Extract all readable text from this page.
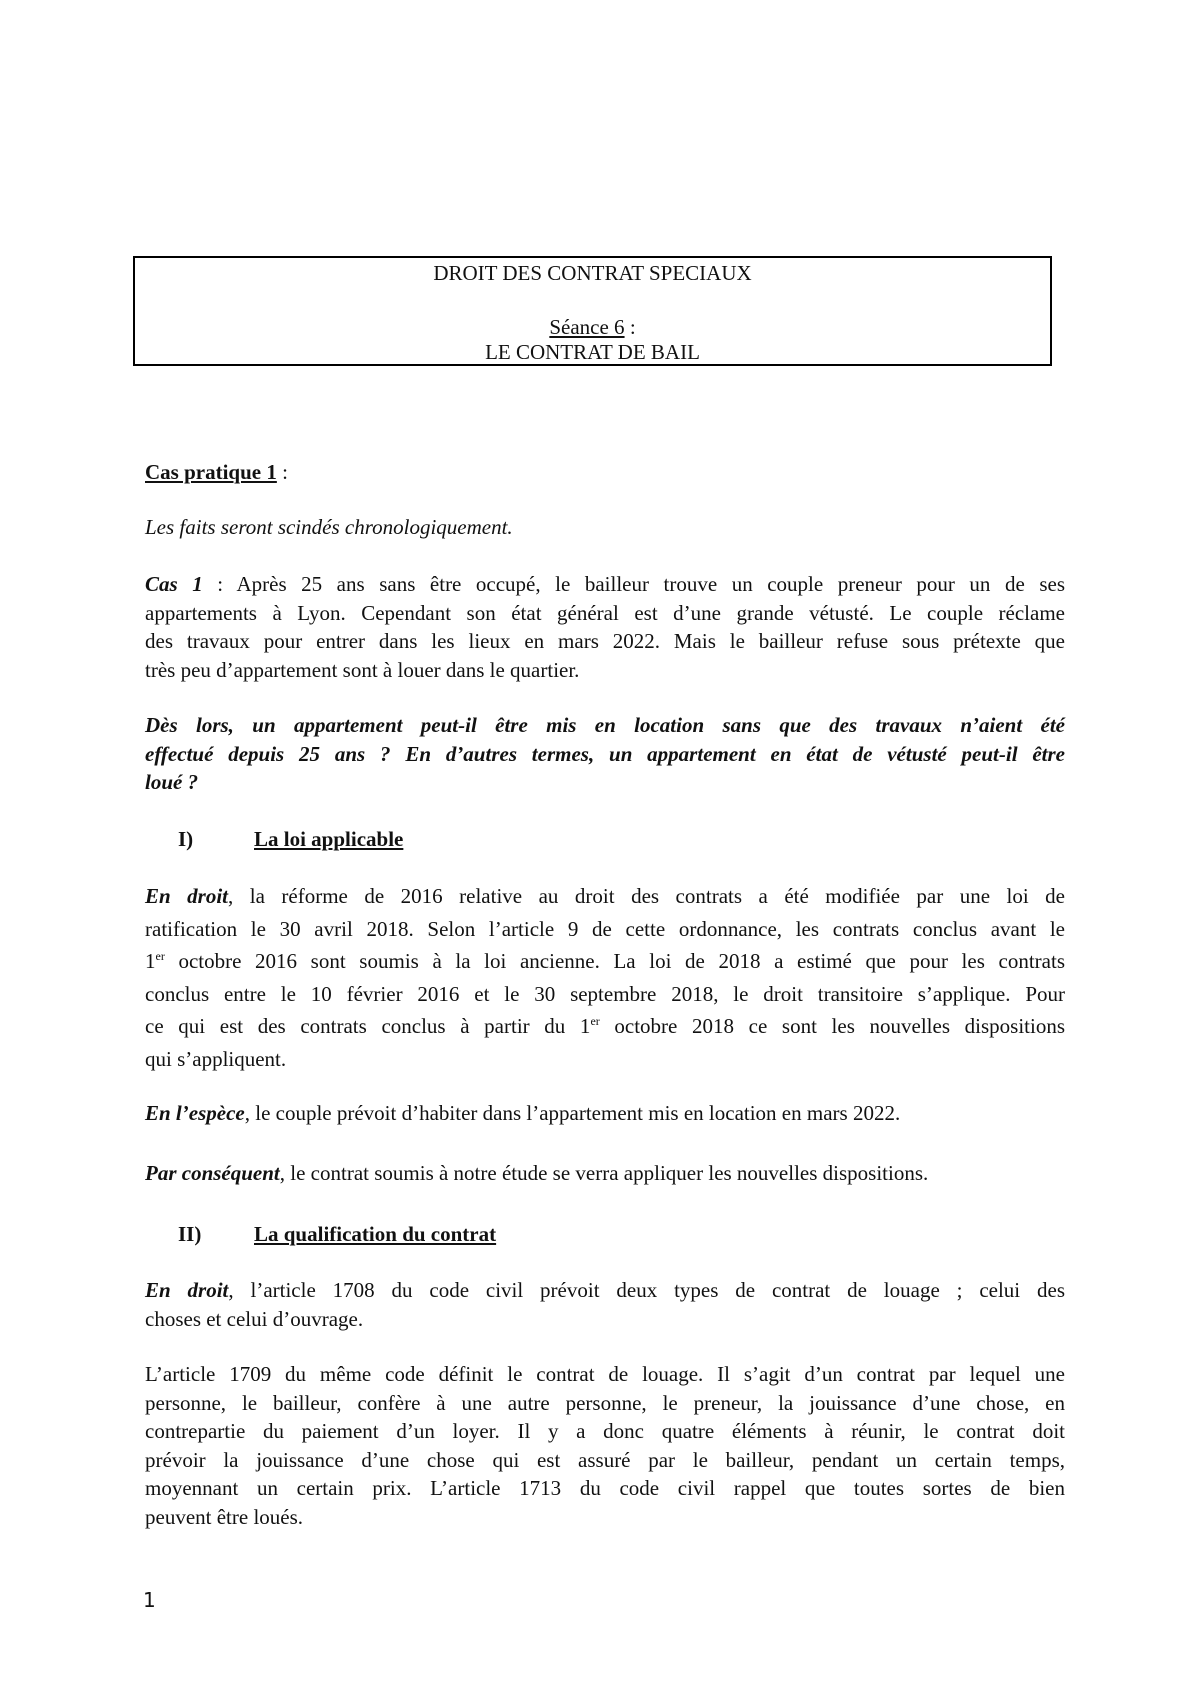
DROIT DES CONTRAT SPECIAUX
Séance 6 :
LE CONTRAT DE BAIL
Cas pratique 1 :
Les faits seront scindés chronologiquement.

Cas 1 : Après 25 ans sans être occupé, le bailleur trouve un couple preneur pour un de ses

appartements à Lyon. Cependant son état général est d’une grande vétusté. Le couple réclame

des travaux pour entrer dans les lieux en mars 2022. Mais le bailleur refuse sous prétexte que

très peu d’appartement sont à louer dans le quartier.

Dès lors, un appartement peut-il être mis en location sans que des travaux n’aient été

effectué depuis 25 ans ? En d’autres termes, un appartement en état de vétusté peut-il être

loué ?

I)	La loi applicable

En droit, la réforme de 2016 relative au droit des contrats a été modifiée par une loi de

ratification le 30 avril 2018. Selon l’article 9 de cette ordonnance, les contrats conclus avant le

1er octobre 2016 sont soumis à la loi ancienne. La loi de 2018 a estimé que pour les contrats

conclus entre le 10 février 2016 et le 30 septembre 2018, le droit transitoire s’applique. Pour

ce qui est des contrats conclus à partir du 1er octobre 2018 ce sont les nouvelles dispositions

qui s’appliquent.

En l’espèce, le couple prévoit d’habiter dans l’appartement mis en location en mars 2022.
Par conséquent, le contrat soumis à notre étude se verra appliquer les nouvelles dispositions.
II)	La qualification du contrat

En droit, l’article 1708 du code civil prévoit deux types de contrat de louage ; celui des

choses et celui d’ouvrage.

L’article 1709 du même code définit le contrat de louage. Il s’agit d’un contrat par lequel une

personne, le bailleur, confère à une autre personne, le preneur, la jouissance d’une chose, en

contrepartie du paiement d’un loyer. Il y a donc quatre éléments à réunir, le contrat doit

prévoir la jouissance d’une chose qui est assuré par le bailleur, pendant un certain temps,

moyennant un certain prix. L’article 1713 du code civil rappel que toutes sortes de bien

peuvent être loués.

1
